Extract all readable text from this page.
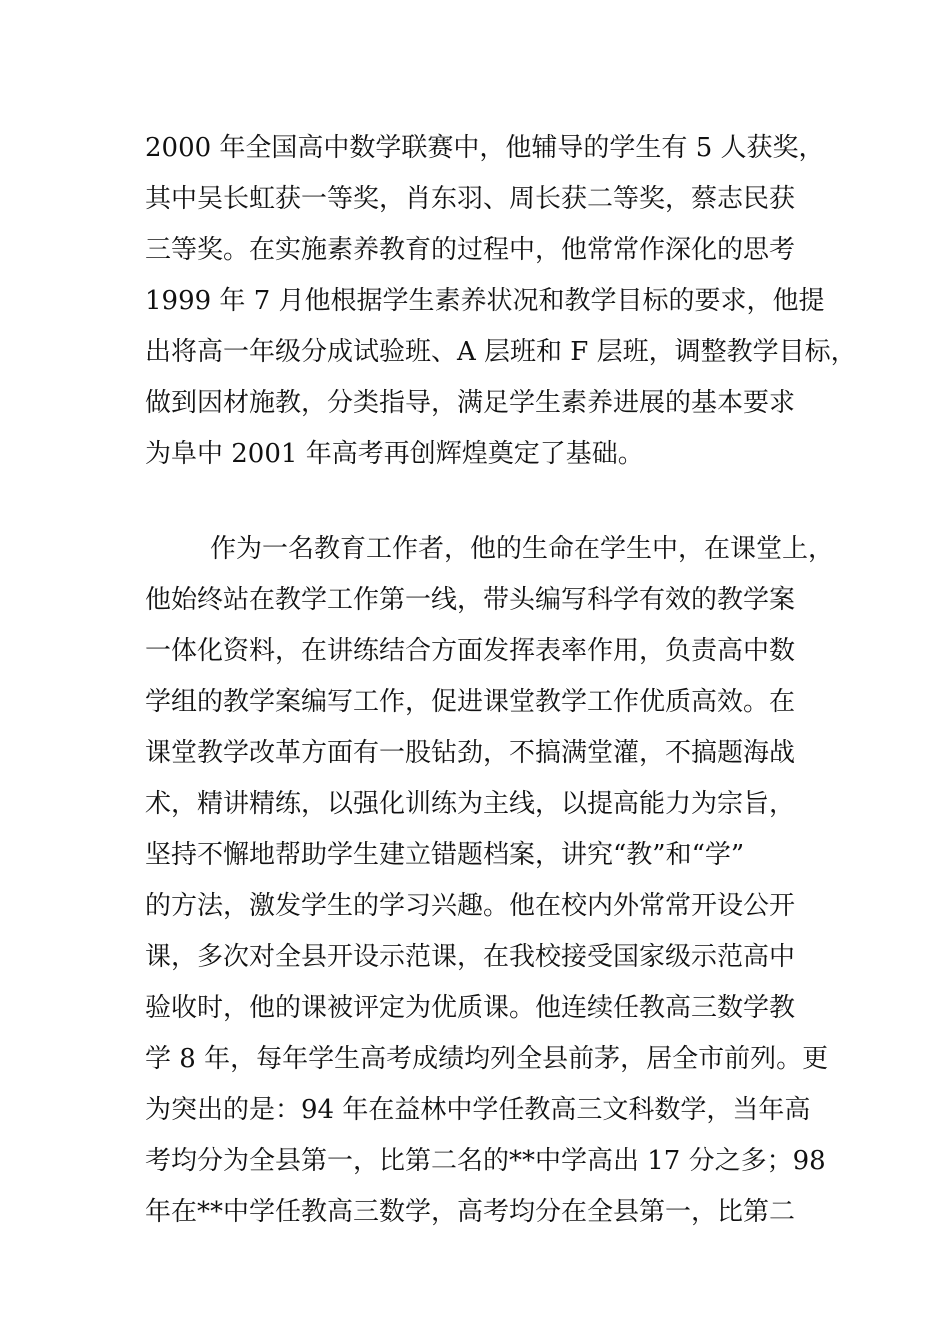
2000 年全国高中数学联赛中，他辅导的学生有 5 人获奖，
其中吴长虹获一等奖，肖东羽、周长获二等奖，蔡志民获
三等奖。在实施素养教育的过程中，他常常作深化的思考
1999 年 7 月他根据学生素养状况和教学目标的要求，他提
出将高一年级分成试验班、A 层班和 F 层班，调整教学目标，
做到因材施教，分类指导，满足学生素养进展的基本要求
为阜中 2001 年高考再创辉煌奠定了基础。
作为一名教育工作者，他的生命在学生中，在课堂上，
他始终站在教学工作第一线，带头编写科学有效的教学案
一体化资料，在讲练结合方面发挥表率作用，负责高中数
学组的教学案编写工作，促进课堂教学工作优质高效。在
课堂教学改革方面有一股钻劲，不搞满堂灌，不搞题海战
术，精讲精练，以强化训练为主线，以提高能力为宗旨，
坚持不懈地帮助学生建立错题档案，讲究“教”和“学”
的方法，激发学生的学习兴趣。他在校内外常常开设公开
课，多次对全县开设示范课，在我校接受国家级示范高中
验收时，他的课被评定为优质课。他连续任教高三数学教
学 8 年，每年学生高考成绩均列全县前茅，居全市前列。更
为突出的是：94 年在益林中学任教高三文科数学，当年高
考均分为全县第一，比第二名的**中学高出 17 分之多；98
年在**中学任教高三数学，高考均分在全县第一，比第二
